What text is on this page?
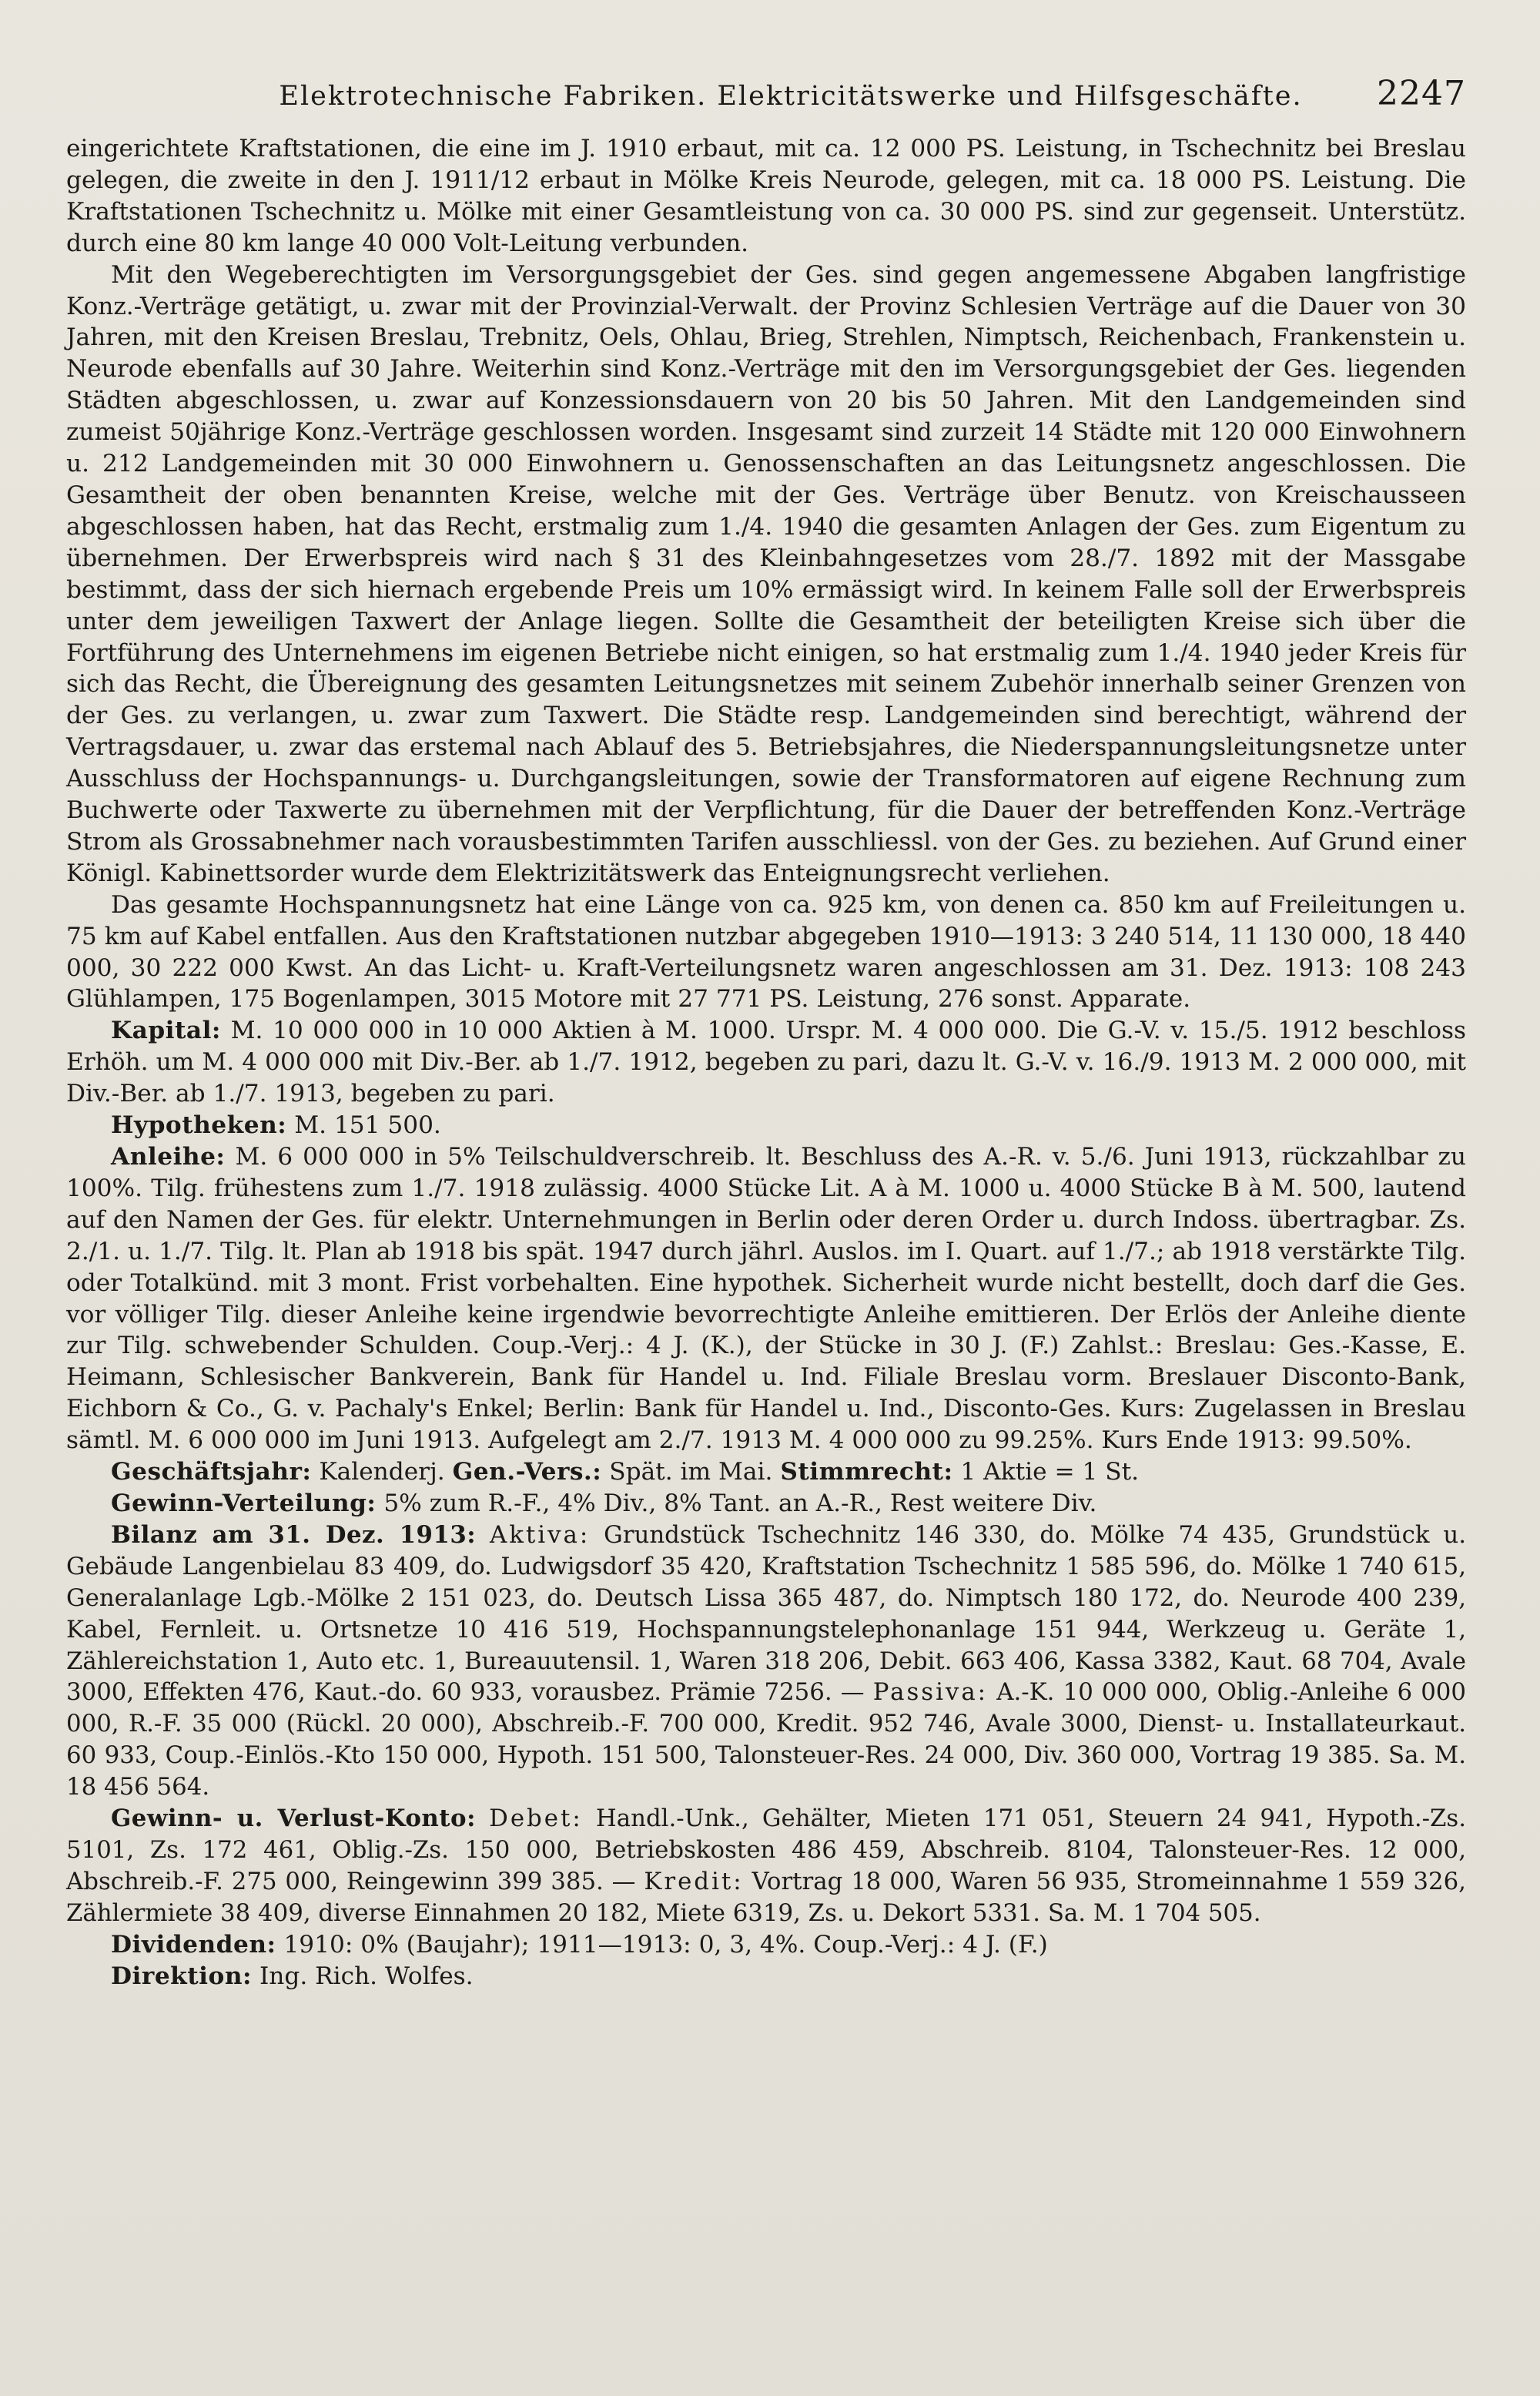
Elektrotechnische Fabriken. Elektricitätswerke und Hilfsgeschäfte.	2247

eingerichtete Kraftstationen, die eine im J. 1910 erbaut, mit ca. 12 000 PS. Leistung, in Tschechnitz bei Breslau gelegen, die zweite in den J. 1911/12 erbaut in Mölke Kreis Neurode, gelegen, mit ca. 18 000 PS. Leistung. Die Kraftstationen Tschechnitz u. Mölke mit einer Gesamtleistung von ca. 30 000 PS. sind zur gegenseit. Unterstütz. durch eine 80 km lange 40 000 Volt-Leitung verbunden.

Mit den Wegeberechtigten im Versorgungsgebiet der Ges. sind gegen angemessene Abgaben langfristige Konz.-Verträge getätigt, u. zwar mit der Provinzial-Verwalt. der Provinz Schlesien Verträge auf die Dauer von 30 Jahren, mit den Kreisen Breslau, Trebnitz, Oels, Ohlau, Brieg, Strehlen, Nimptsch, Reichenbach, Frankenstein u. Neurode ebenfalls auf 30 Jahre. Weiterhin sind Konz.-Verträge mit den im Versorgungsgebiet der Ges. liegenden Städten abgeschlossen, u. zwar auf Konzessionsdauern von 20 bis 50 Jahren. Mit den Landgemeinden sind zumeist 50jährige Konz.-Verträge geschlossen worden. Insgesamt sind zurzeit 14 Städte mit 120 000 Einwohnern u. 212 Landgemeinden mit 30 000 Einwohnern u. Genossenschaften an das Leitungsnetz angeschlossen. Die Gesamtheit der oben benannten Kreise, welche mit der Ges. Verträge über Benutz. von Kreischausseen abgeschlossen haben, hat das Recht, erstmalig zum 1./4. 1940 die gesamten Anlagen der Ges. zum Eigentum zu übernehmen. Der Erwerbspreis wird nach § 31 des Kleinbahngesetzes vom 28./7. 1892 mit der Massgabe bestimmt, dass der sich hiernach ergebende Preis um 10% ermässigt wird. In keinem Falle soll der Erwerbspreis unter dem jeweiligen Taxwert der Anlage liegen. Sollte die Gesamtheit der beteiligten Kreise sich über die Fortführung des Unternehmens im eigenen Betriebe nicht einigen, so hat erstmalig zum 1./4. 1940 jeder Kreis für sich das Recht, die Übereignung des gesamten Leitungsnetzes mit seinem Zubehör innerhalb seiner Grenzen von der Ges. zu verlangen, u. zwar zum Taxwert. Die Städte resp. Landgemeinden sind berechtigt, während der Vertragsdauer, u. zwar das erstemal nach Ablauf des 5. Betriebsjahres, die Niederspannungsleitungsnetze unter Ausschluss der Hochspannungs- u. Durchgangsleitungen, sowie der Transformatoren auf eigene Rechnung zum Buchwerte oder Taxwerte zu übernehmen mit der Verpflichtung, für die Dauer der betreffenden Konz.-Verträge Strom als Grossabnehmer nach vorausbestimmten Tarifen ausschliessl. von der Ges. zu beziehen. Auf Grund einer Königl. Kabinettsorder wurde dem Elektrizitätswerk das Enteignungsrecht verliehen.

Das gesamte Hochspannungsnetz hat eine Länge von ca. 925 km, von denen ca. 850 km auf Freileitungen u. 75 km auf Kabel entfallen. Aus den Kraftstationen nutzbar abgegeben 1910—1913: 3 240 514, 11 130 000, 18 440 000, 30 222 000 Kwst. An das Licht- u. Kraft-Verteilungsnetz waren angeschlossen am 31. Dez. 1913: 108 243 Glühlampen, 175 Bogenlampen, 3015 Motore mit 27 771 PS. Leistung, 276 sonst. Apparate.

Kapital: M. 10 000 000 in 10 000 Aktien à M. 1000. Urspr. M. 4 000 000. Die G.-V. v. 15./5. 1912 beschloss Erhöh. um M. 4 000 000 mit Div.-Ber. ab 1./7. 1912, begeben zu pari, dazu lt. G.-V. v. 16./9. 1913 M. 2 000 000, mit Div.-Ber. ab 1./7. 1913, begeben zu pari.

Hypotheken: M. 151 500.

Anleihe: M. 6 000 000 in 5% Teilschuldverschreib. lt. Beschluss des A.-R. v. 5./6. Juni 1913, rückzahlbar zu 100%. Tilg. frühestens zum 1./7. 1918 zulässig. 4000 Stücke Lit. A à M. 1000 u. 4000 Stücke B à M. 500, lautend auf den Namen der Ges. für elektr. Unternehmungen in Berlin oder deren Order u. durch Indoss. übertragbar. Zs. 2./1. u. 1./7. Tilg. lt. Plan ab 1918 bis spät. 1947 durch jährl. Auslos. im I. Quart. auf 1./7.; ab 1918 verstärkte Tilg. oder Totalkünd. mit 3 mont. Frist vorbehalten. Eine hypothek. Sicherheit wurde nicht bestellt, doch darf die Ges. vor völliger Tilg. dieser Anleihe keine irgendwie bevorrechtigte Anleihe emittieren. Der Erlös der Anleihe diente zur Tilg. schwebender Schulden. Coup.-Verj.: 4 J. (K.), der Stücke in 30 J. (F.) Zahlst.: Breslau: Ges.-Kasse, E. Heimann, Schlesischer Bankverein, Bank für Handel u. Ind. Filiale Breslau vorm. Breslauer Disconto-Bank, Eichborn & Co., G. v. Pachaly's Enkel; Berlin: Bank für Handel u. Ind., Disconto-Ges. Kurs: Zugelassen in Breslau sämtl. M. 6 000 000 im Juni 1913. Aufgelegt am 2./7. 1913 M. 4 000 000 zu 99.25%. Kurs Ende 1913: 99.50%.

Geschäftsjahr: Kalenderj. Gen.-Vers.: Spät. im Mai. Stimmrecht: 1 Aktie = 1 St.

Gewinn-Verteilung: 5% zum R.-F., 4% Div., 8% Tant. an A.-R., Rest weitere Div.

Bilanz am 31. Dez. 1913: Aktiva: Grundstück Tschechnitz 146 330, do. Mölke 74 435, Grundstück u. Gebäude Langenbielau 83 409, do. Ludwigsdorf 35 420, Kraftstation Tschechnitz 1 585 596, do. Mölke 1 740 615, Generalanlage Lgb.-Mölke 2 151 023, do. Deutsch Lissa 365 487, do. Nimptsch 180 172, do. Neurode 400 239, Kabel, Fernleit. u. Ortsnetze 10 416 519, Hochspannungstelephonanlage 151 944, Werkzeug u. Geräte 1, Zählereichstation 1, Auto etc. 1, Bureauutensil. 1, Waren 318 206, Debit. 663 406, Kassa 3382, Kaut. 68 704, Avale 3000, Effekten 476, Kaut.-do. 60 933, vorausbez. Prämie 7256. — Passiva: A.-K. 10 000 000, Oblig.-Anleihe 6 000 000, R.-F. 35 000 (Rückl. 20 000), Abschreib.-F. 700 000, Kredit. 952 746, Avale 3000, Dienst- u. Installateurkaut. 60 933, Coup.-Einlös.-Kto 150 000, Hypoth. 151 500, Talonsteuer-Res. 24 000, Div. 360 000, Vortrag 19 385. Sa. M. 18 456 564.

Gewinn- u. Verlust-Konto: Debet: Handl.-Unk., Gehälter, Mieten 171 051, Steuern 24 941, Hypoth.-Zs. 5101, Zs. 172 461, Oblig.-Zs. 150 000, Betriebskosten 486 459, Abschreib. 8104, Talonsteuer-Res. 12 000, Abschreib.-F. 275 000, Reingewinn 399 385. — Kredit: Vortrag 18 000, Waren 56 935, Stromeinnahme 1 559 326, Zählermiete 38 409, diverse Einnahmen 20 182, Miete 6319, Zs. u. Dekort 5331. Sa. M. 1 704 505.

Dividenden: 1910: 0% (Baujahr); 1911—1913: 0, 3, 4%. Coup.-Verj.: 4 J. (F.)

Direktion: Ing. Rich. Wolfes.
